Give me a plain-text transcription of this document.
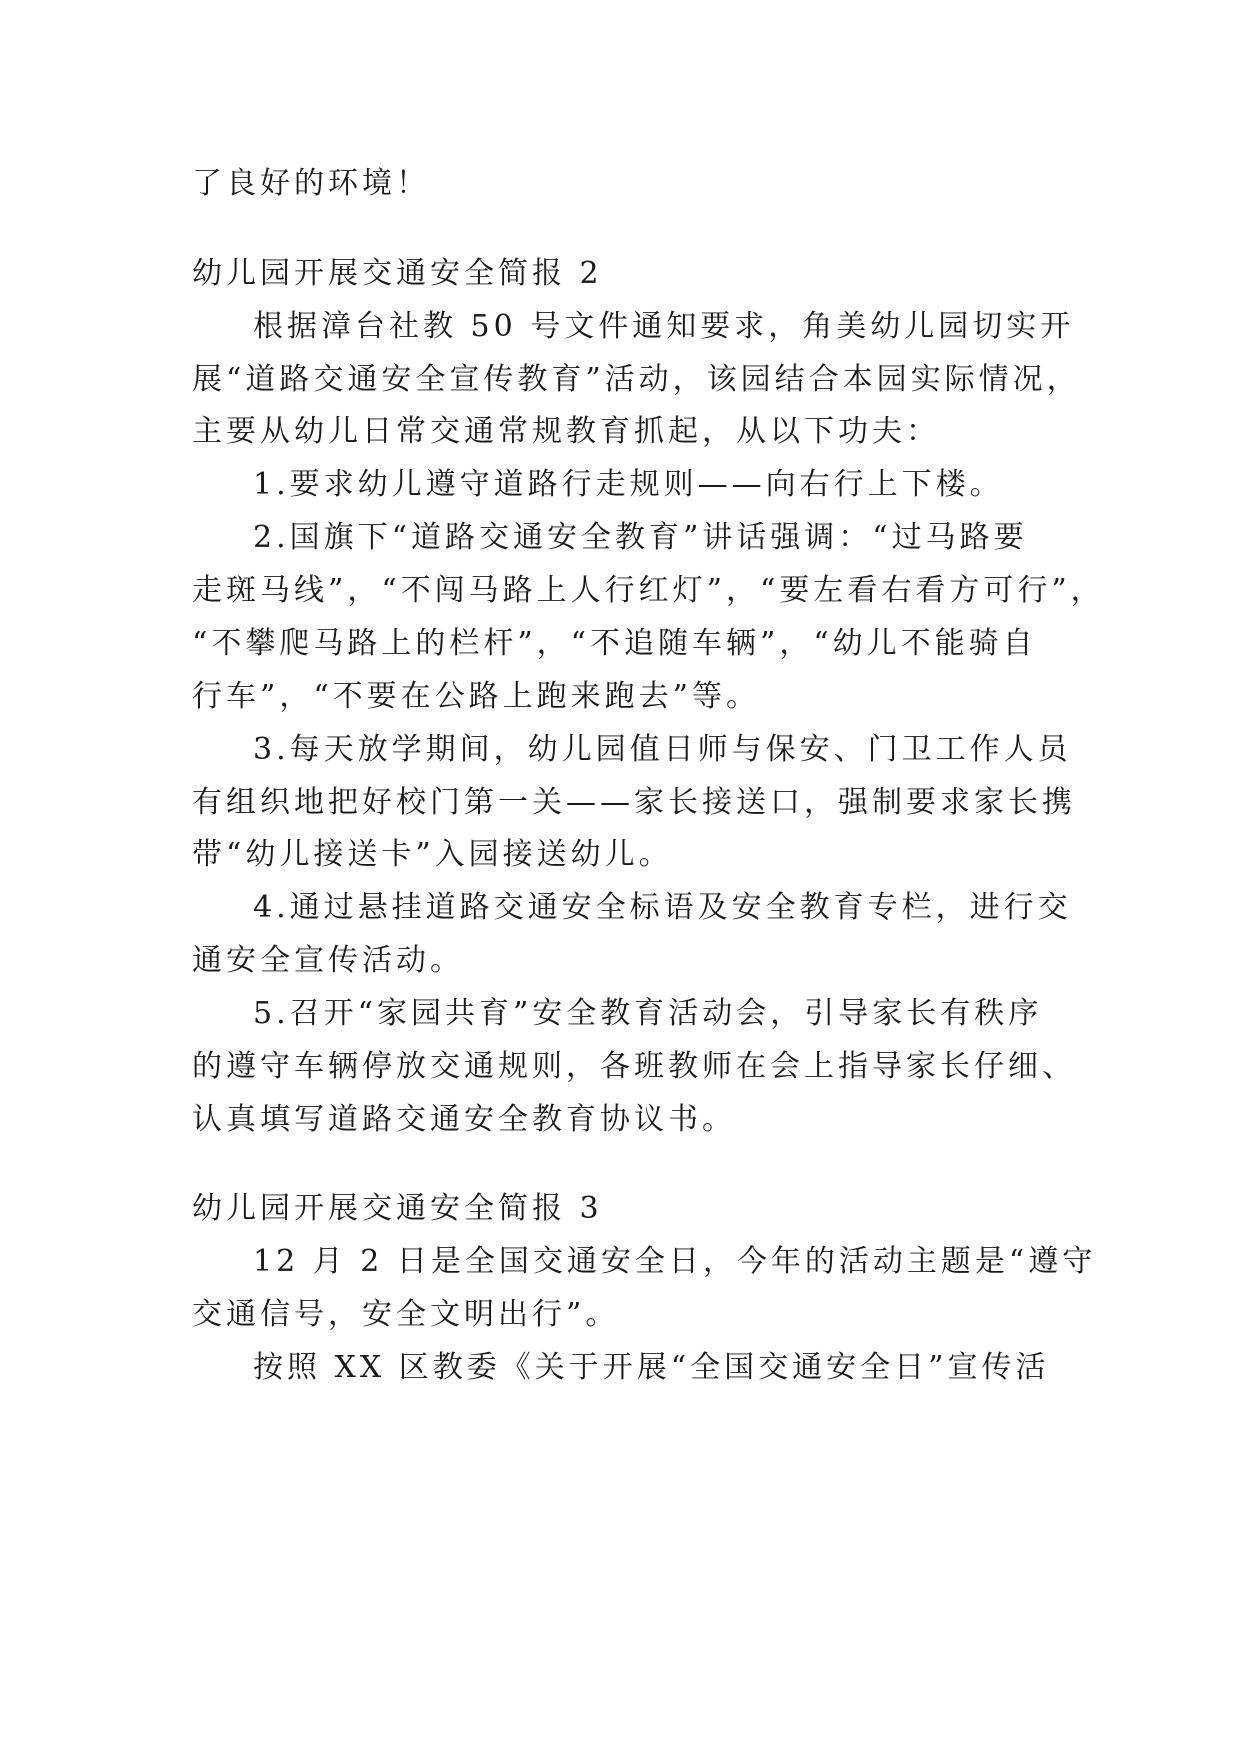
了良好的环境！
幼儿园开展交通安全简报 2
根据漳台社教 50 号文件通知要求，角美幼儿园切实开
展“道路交通安全宣传教育”活动，该园结合本园实际情况，
主要从幼儿日常交通常规教育抓起，从以下功夫：
1.要求幼儿遵守道路行走规则——向右行上下楼。
2.国旗下“道路交通安全教育”讲话强调：“过马路要
走斑马线”，“不闯马路上人行红灯”，“要左看右看方可行”，
“不攀爬马路上的栏杆”，“不追随车辆”，“幼儿不能骑自
行车”，“不要在公路上跑来跑去”等。
3.每天放学期间，幼儿园值日师与保安、门卫工作人员
有组织地把好校门第一关——家长接送口，强制要求家长携
带“幼儿接送卡”入园接送幼儿。
4.通过悬挂道路交通安全标语及安全教育专栏，进行交
通安全宣传活动。
5.召开“家园共育”安全教育活动会，引导家长有秩序
的遵守车辆停放交通规则，各班教师在会上指导家长仔细、
认真填写道路交通安全教育协议书。
幼儿园开展交通安全简报 3
12 月 2 日是全国交通安全日，今年的活动主题是“遵守
交通信号，安全文明出行”。
按照 XX 区教委《关于开展“全国交通安全日”宣传活
